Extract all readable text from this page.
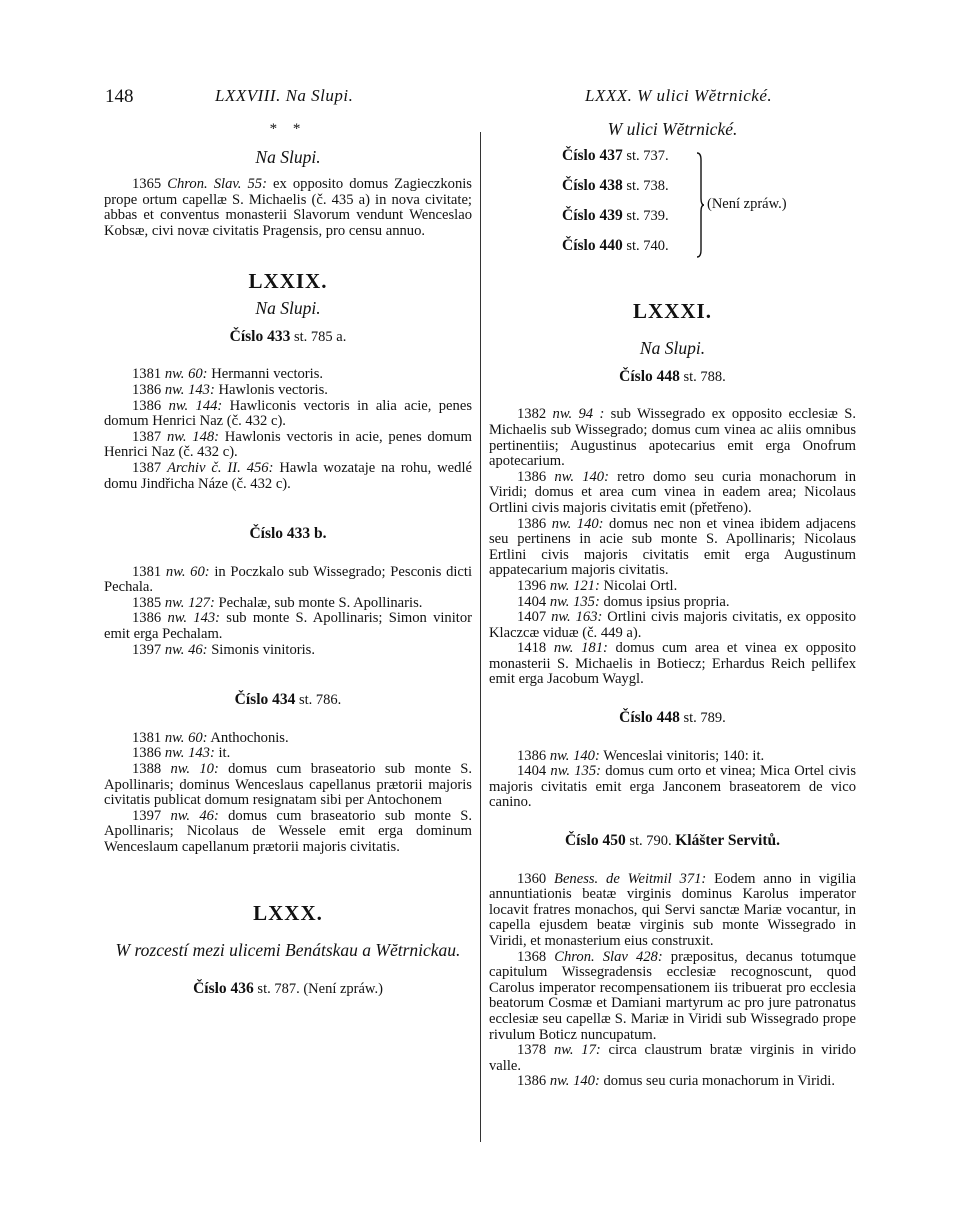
148	LXXVIII. Na Slupi.	LXXX. W ulici Wĕtrnické.
* *
Na Slupi.

1365 Chron. Slav. 55: ex opposito domus Zagieczkonis prope ortum capellæ S. Michaelis (č. 435 a) in nova civitate; abbas et conventus monasterii Slavorum vendunt Wenceslao Kobsæ, civi novæ civitatis Pragensis, pro censu annuo.

LXXIX.
Na Slupi.
Číslo 433 st. 785 a.

1381 nw. 60: Hermanni vectoris.

1386 nw. 143: Hawlonis vectoris.

1386 nw. 144: Hawliconis vectoris in alia acie, penes domum Henrici Naz (č. 432 c).

1387 nw. 148: Hawlonis vectoris in acie, penes domum Henrici Naz (č. 432 c).

1387 Archiv č. II. 456: Hawla wozataje na rohu, wedlé domu Jindřicha Náze (č. 432 c).

Číslo 433 b.

1381 nw. 60: in Poczkalo sub Wissegrado; Pesconis dicti Pechala.

1385 nw. 127: Pechalæ, sub monte S. Apollinaris.

1386 nw. 143: sub monte S. Apollinaris; Simon vinitor emit erga Pechalam.

1397 nw. 46: Simonis vinitoris.

Číslo 434 st. 786.

1381 nw. 60: Anthochonis.

1386 nw. 143: it.

1388 nw. 10: domus cum braseatorio sub monte S. Apollinaris; dominus Wenceslaus capellanus prætorii majoris civitatis publicat domum resignatam sibi per Antochonem

1397 nw. 46: domus cum braseatorio sub monte S. Apollinaris; Nicolaus de Wessele emit erga dominum Wenceslaum capellanum prætorii majoris civitatis.

LXXX.
W rozcestí mezi ulicemi Benátskau a Wĕtrnickau.
Číslo 436 st. 787. (Není zpráw.)
W ulici Wĕtrnické.
Číslo 437 st. 737.
Číslo 438 st. 738.
Číslo 439 st. 739.
Číslo 440 st. 740.
(Není zpráw.)
LXXXI.
Na Slupi.
Číslo 448 st. 788.

1382 nw. 94 : sub Wissegrado ex opposito ecclesiæ S. Michaelis sub Wissegrado; domus cum vinea ac aliis omnibus pertinentiis; Augustinus apotecarius emit erga Onofrum apotecarium.

1386 nw. 140: retro domo seu curia monachorum in Viridi; domus et area cum vinea in eadem area; Nicolaus Ortlini civis majoris civitatis emit (přetřeno).

1386 nw. 140: domus nec non et vinea ibidem adjacens seu pertinens in acie sub monte S. Apollinaris; Nicolaus Ertlini civis majoris civitatis emit erga Augustinum appatecarium majoris civitatis.

1396 nw. 121: Nicolai Ortl.

1404 nw. 135: domus ipsius propria.

1407 nw. 163: Ortlini civis majoris civitatis, ex opposito Klaczcæ viduæ (č. 449 a).

1418 nw. 181: domus cum area et vinea ex opposito monasterii S. Michaelis in Botiecz; Erhardus Reich pellifex emit erga Jacobum Waygl.

Číslo 448 st. 789.

1386 nw. 140: Wenceslai vinitoris; 140: it.

1404 nw. 135: domus cum orto et vinea; Mica Ortel civis majoris civitatis emit erga Janconem braseatorem de vico canino.

Číslo 450 st. 790. Klášter Servitů.

1360 Beness. de Weitmil 371: Eodem anno in vigilia annuntiationis beatæ virginis dominus Karolus imperator locavit fratres monachos, qui Servi sanctæ Mariæ vocantur, in capella ejusdem beatæ virginis sub monte Wissegrado in Viridi, et monasterium eius construxit.

1368 Chron. Slav 428: præpositus, decanus totumque capitulum Wissegradensis ecclesiæ recognoscunt, quod Carolus imperator recompensationem iis tribuerat pro ecclesia beatorum Cosmæ et Damiani martyrum ac pro jure patronatus ecclesiæ seu capellæ S. Mariæ in Viridi sub Wissegrado prope rivulum Boticz nuncupatum.

1378 nw. 17: circa claustrum bratæ virginis in virido valle.

1386 nw. 140: domus seu curia monachorum in Viridi.
